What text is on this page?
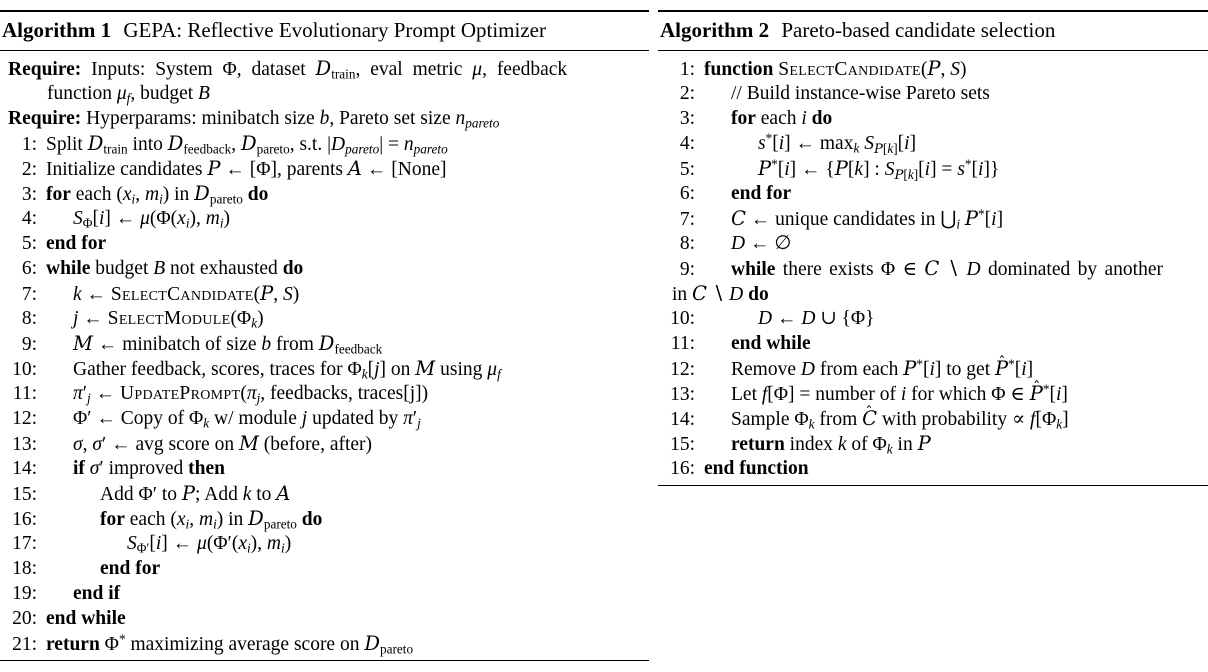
Algorithm 1 GEPA: Reflective Evolutionary Prompt Optimizer
Require: Inputs: System Φ, dataset $D_{train}$, eval metric μ, feedback
function $\mu_f$, budget B
Require: Hyperparams: minibatch size b, Pareto set size $n_{pareto}$
1: Split $D_{train}$ into $D_{feedback}$, $D_{pareto}$, s.t. $|D_{pareto}| = n_{pareto}$
2: Initialize candidates P ← [Φ], parents A ← [None]
3: for each ($x_i$, $m_i$) in $D_{pareto}$ do
4: $S_\Phi[i]$ ← $\mu(\Phi(x_i)$, $m_i$)
5: end for
6: while budget B not exhausted do
7: k ← SelectCandidate(P, S)
8: j ← $SelectModule(\Phi_k)$
9: M ← minibatch of size b from $D_{feedback}$
10: Gather feedback, scores, traces for $\Phi_k[j]$ on M using $\mu_f$
11: $\pi'_j$ ← $UpdatePrompt(\pi_j$, feedbacks, traces[j])
12: Φ′ ← Copy of $\Phi_k$ w/ module j updated by $\pi'_j$
13: σ, σ′ ← avg score on M (before, after)
14: if σ′ improved then
15:	Add Φ′ to P; Add k to A
16:	for each ($x_i$, $m_i$) in $D_{pareto}$ do
17:	$S_{\Phi'}[i]$ ← $\mu(\Phi'(x_i)$, $m_i$)
18:	end for
19: end if
20: end while
21: return Φ* maximizing average score on $D_{pareto}$
Algorithm 2 Pareto-based candidate selection
1: function SelectCandidate(P, S)
2: // Build instance-wise Pareto sets
3: for each i do
4:	s*[i] ← $\max_k S_{P[k]}[i]$
5:	P*[i] ← {P[k] : $S_{P[k]}[i] = s^*[i]$}
6: end for
7: C ← unique candidates in $⋃_i$ P*[i]
8: D ← ∅
9: while there exists Φ ∈ C ∖ D dominated by another
in C ∖ D do
10:	D ← D ∪ {Φ}
11: end while
12: Remove D from each P*[i] to get P ˆ*[i]
13: Let f[Φ] = number of i for which Φ ∈ P ˆ*[i]
14: Sample $\Phi_k$ from C ˆ with probability ∝ $f[\Phi_k]$
15: return index k of $\Phi_k$ in P
16: end function
